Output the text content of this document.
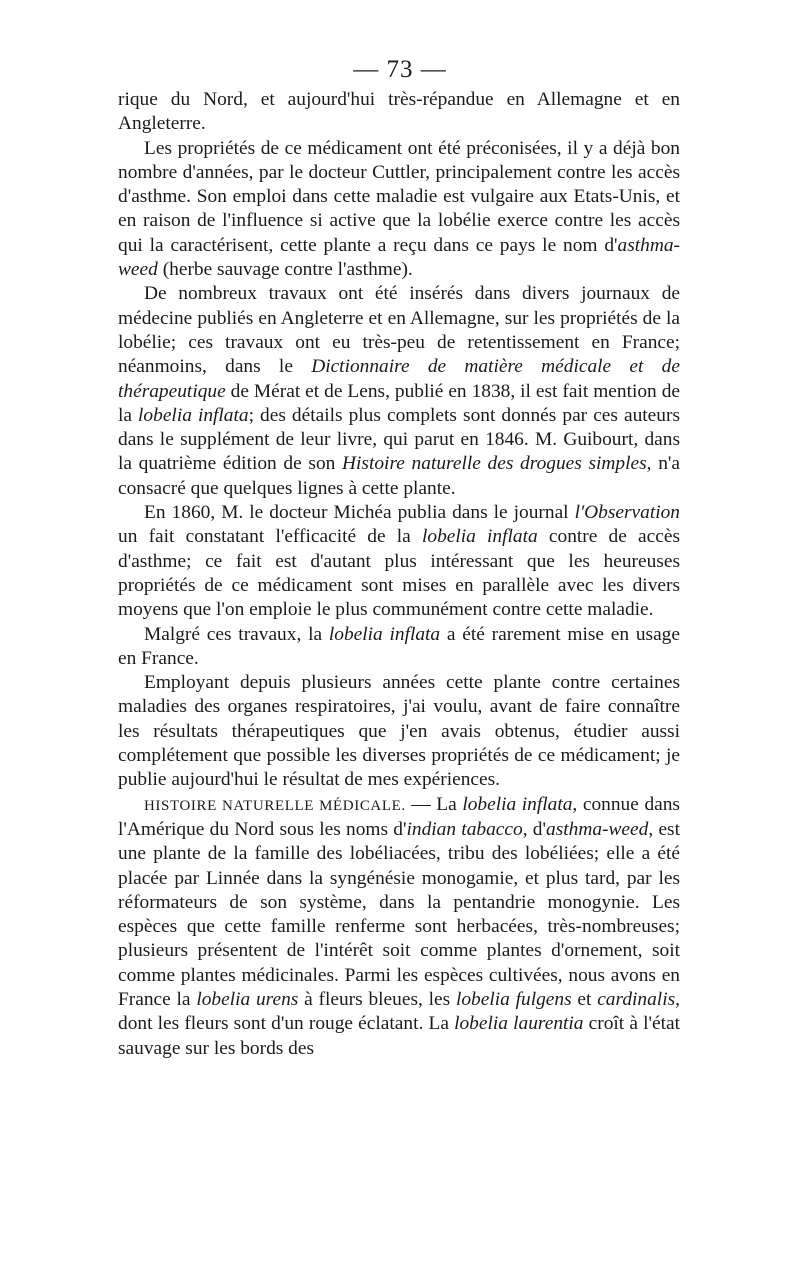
— 73 —

rique du Nord, et aujourd'hui très-répandue en Allemagne et en Angleterre.

Les propriétés de ce médicament ont été préconisées, il y a déjà bon nombre d'années, par le docteur Cuttler, principalement contre les accès d'asthme. Son emploi dans cette maladie est vulgaire aux Etats-Unis, et en raison de l'influence si active que la lobélie exerce contre les accès qui la caractérisent, cette plante a reçu dans ce pays le nom d'asthma-weed (herbe sauvage contre l'asthme).

De nombreux travaux ont été insérés dans divers journaux de médecine publiés en Angleterre et en Allemagne, sur les propriétés de la lobélie; ces travaux ont eu très-peu de retentissement en France; néanmoins, dans le Dictionnaire de matière médicale et de thérapeutique de Mérat et de Lens, publié en 1838, il est fait mention de la lobelia inflata; des détails plus complets sont donnés par ces auteurs dans le supplément de leur livre, qui parut en 1846. M. Guibourt, dans la quatrième édition de son Histoire naturelle des drogues simples, n'a consacré que quelques lignes à cette plante.

En 1860, M. le docteur Michéa publia dans le journal l'Observation un fait constatant l'efficacité de la lobelia inflata contre de accès d'asthme; ce fait est d'autant plus intéressant que les heureuses propriétés de ce médicament sont mises en parallèle avec les divers moyens que l'on emploie le plus communément contre cette maladie.

Malgré ces travaux, la lobelia inflata a été rarement mise en usage en France.

Employant depuis plusieurs années cette plante contre certaines maladies des organes respiratoires, j'ai voulu, avant de faire connaître les résultats thérapeutiques que j'en avais obtenus, étudier aussi complétement que possible les diverses propriétés de ce médicament; je publie aujourd'hui le résultat de mes expériences.

HISTOIRE NATURELLE MÉDICALE. — La lobelia inflata, connue dans l'Amérique du Nord sous les noms d'indian tabacco, d'asthma-weed, est une plante de la famille des lobéliacées, tribu des lobéliées; elle a été placée par Linnée dans la syngénésie monogamie, et plus tard, par les réformateurs de son système, dans la pentandrie monogynie. Les espèces que cette famille renferme sont herbacées, très-nombreuses; plusieurs présentent de l'intérêt soit comme plantes d'ornement, soit comme plantes médicinales. Parmi les espèces cultivées, nous avons en France la lobelia urens à fleurs bleues, les lobelia fulgens et cardinalis, dont les fleurs sont d'un rouge éclatant. La lobelia laurentia croît à l'état sauvage sur les bords des
